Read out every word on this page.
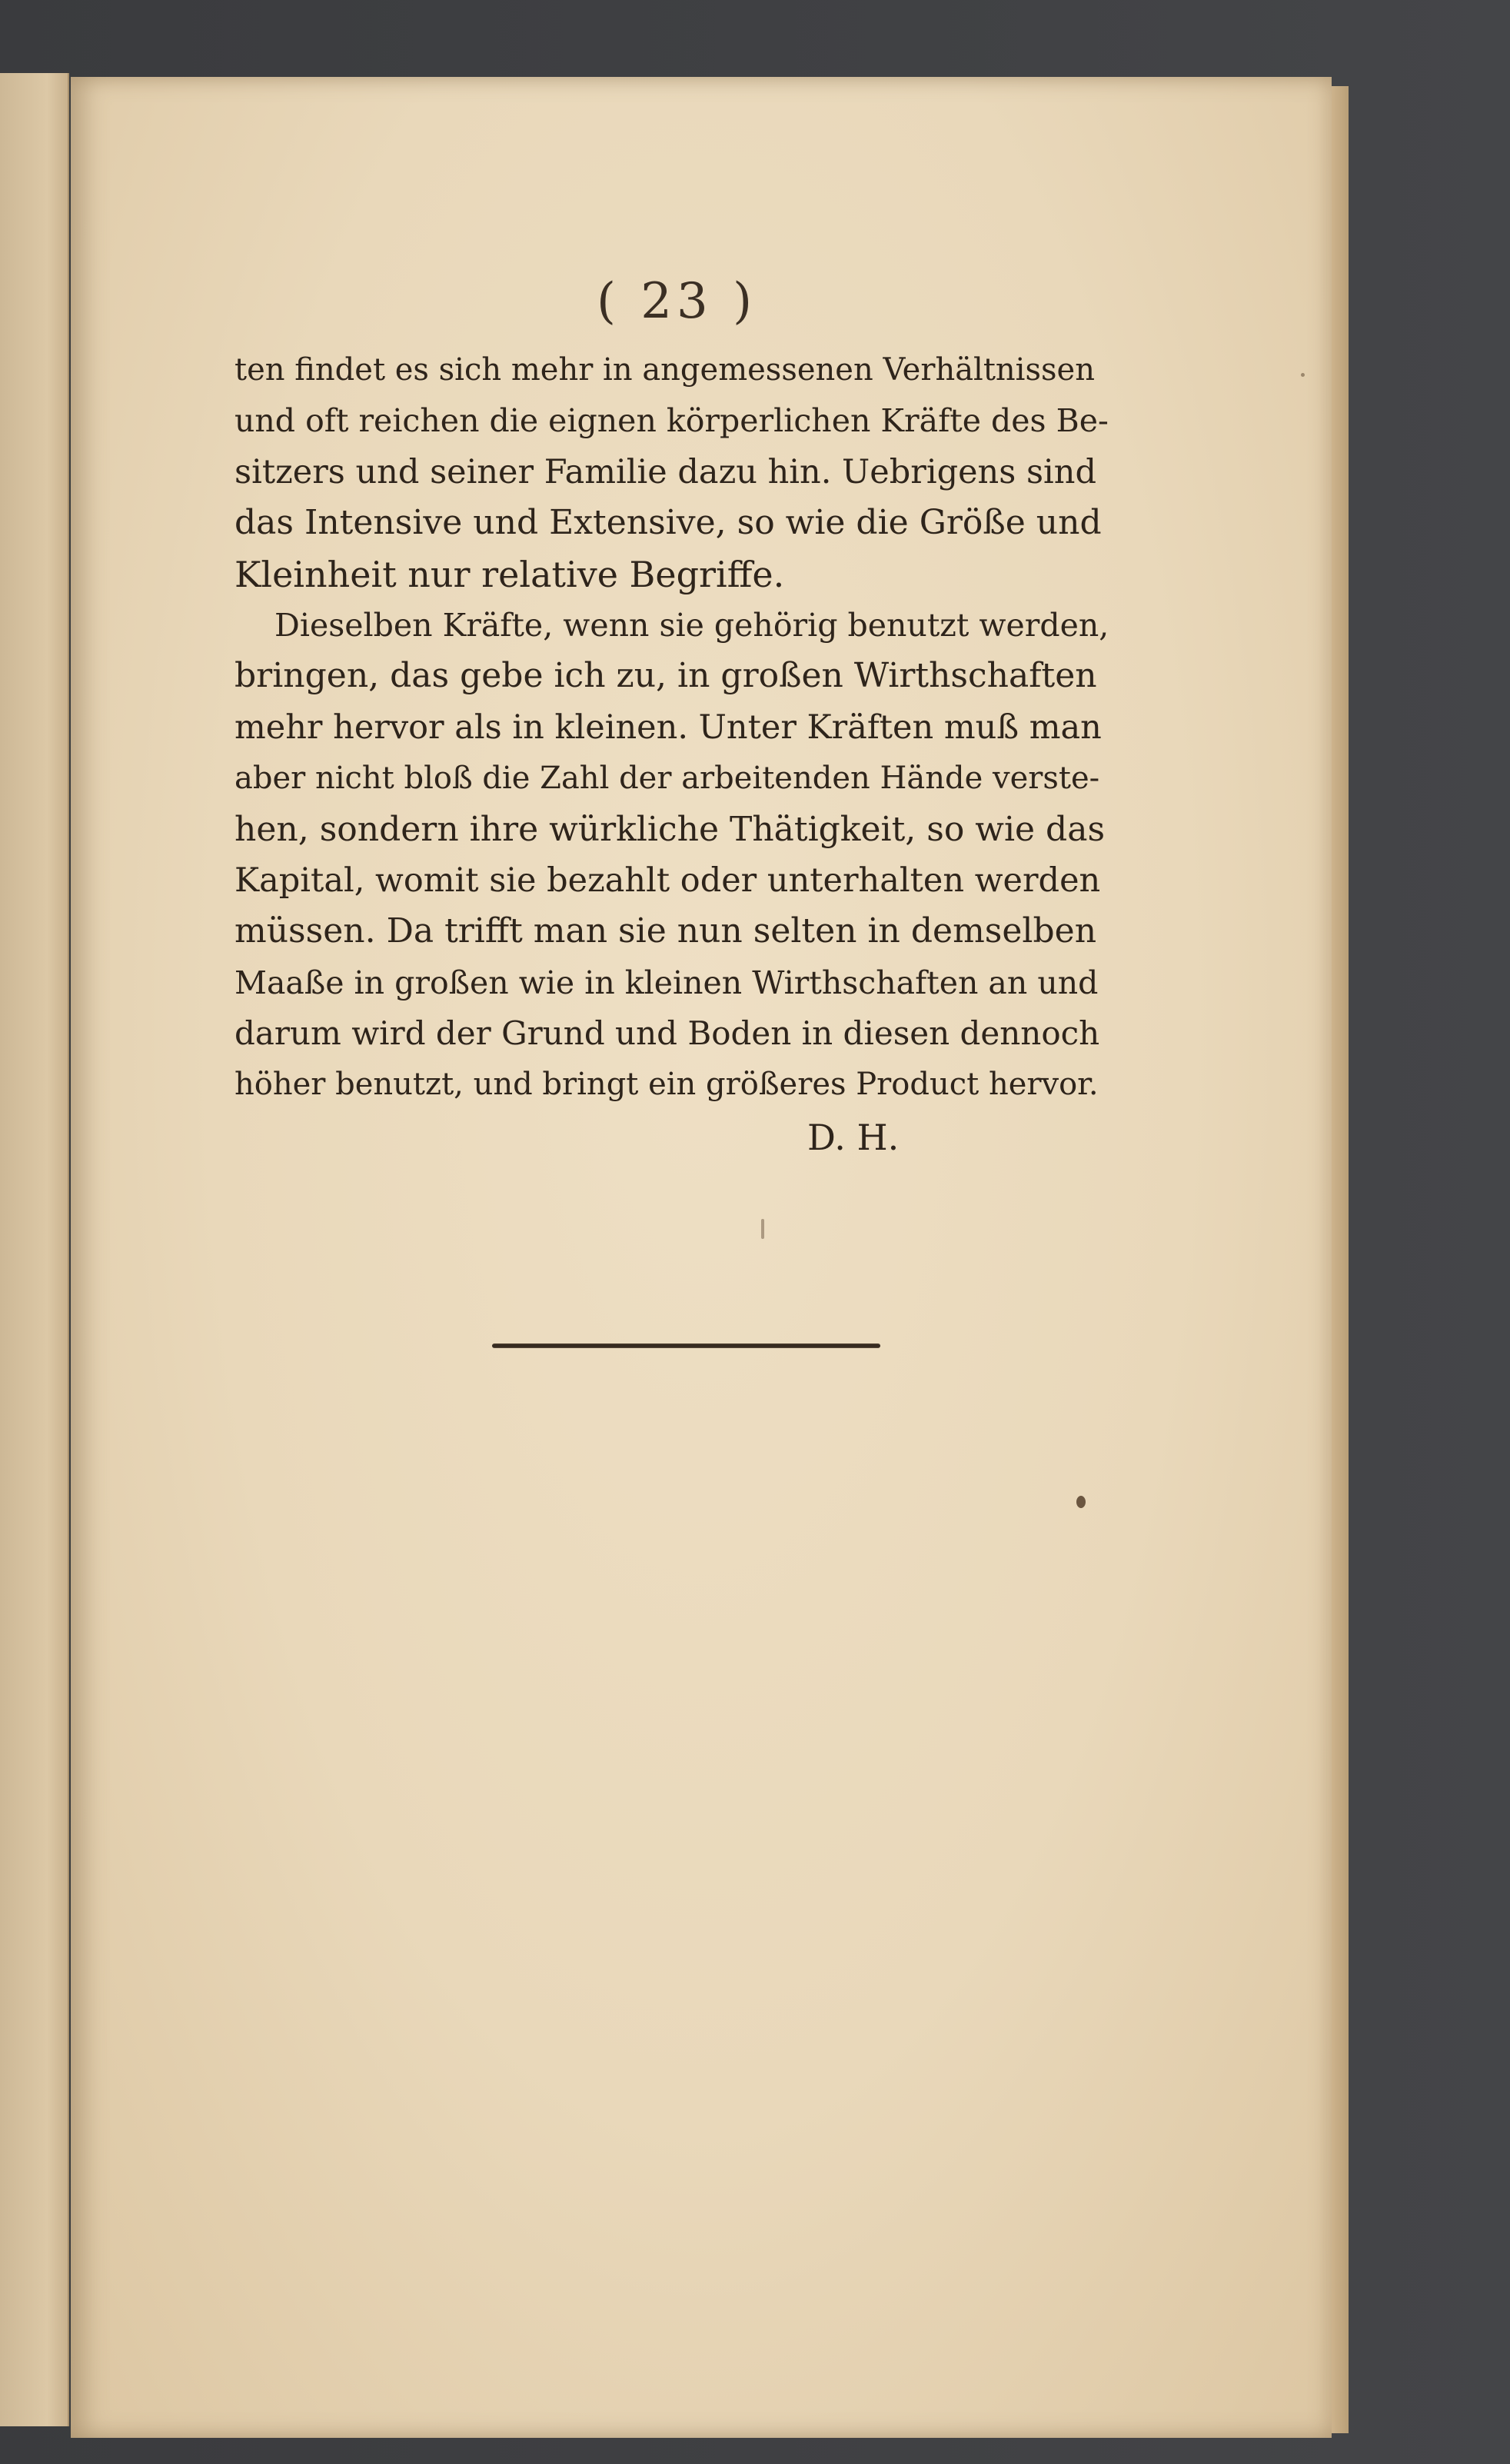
( 23 )
ten findet es sich mehr in angemessenen Verhältnissen
und oft reichen die eignen körperlichen Kräfte des Be-
sitzers und seiner Familie dazu hin. Uebrigens sind
das Intensive und Extensive, so wie die Größe und
Kleinheit nur relative Begriffe.
Dieselben Kräfte, wenn sie gehörig benutzt werden,
bringen, das gebe ich zu, in großen Wirthschaften
mehr hervor als in kleinen. Unter Kräften muß man
aber nicht bloß die Zahl der arbeitenden Hände verste-
hen, sondern ihre würkliche Thätigkeit, so wie das
Kapital, womit sie bezahlt oder unterhalten werden
müssen. Da trifft man sie nun selten in demselben
Maaße in großen wie in kleinen Wirthschaften an und
darum wird der Grund und Boden in diesen dennoch
höher benutzt, und bringt ein größeres Product hervor.
D. H.
